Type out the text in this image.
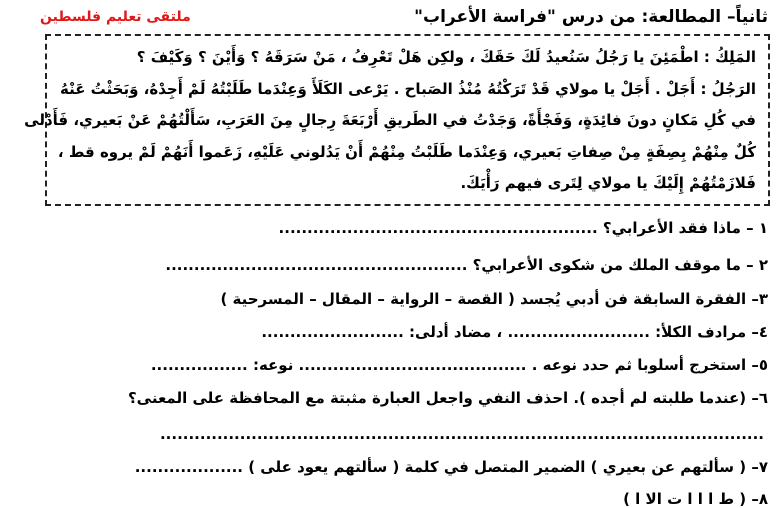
ثانياً– المطالعة: من درس "فراسة الأعراب"
ملتقى تعليم فلسطين
المَلِكُ : اطْمَئِنَ يا رَجُلُ سَنُعيدُ لَكَ حَقَكَ ، ولكِن هَلْ تَعْرِفُ ، مَنْ سَرَقَهُ ؟ وَأَيْنَ ؟ وَكَيْفَ ؟
الرَجُلُ : أَجَلْ . أَجَلْ يا مولاي قَدْ تَرَكْتُهُ مُنْذُ الصَباح . يَرْعى الكَلَأَ وَعِنْدَما طَلَبْتُهُ لَمْ أَجِدْهُ، وَبَحَثْتُ عَنْهُ
في كُلِ مَكانٍ دونَ فائِدَةٍ، وَفَجْأَةً، وَجَدْتُ في الطَريقِ أَرْبَعَةَ رِجالٍ مِنَ العَرَبِ، سَأَلْتُهُمْ عَنْ بَعيري، فَأَدْلى
كُلٌ مِنْهُمْ بِصِفَةٍ مِنْ صِفاتِ بَعيري، وَعِنْدَما طَلَبْتُ مِنْهُمْ أَنْ يَدُلوني عَلَيْهِ، زَعَموا أَنَهُمْ لَمْ يروه قط ،
فَلازَمْتُهُمْ إِلَيْكَ يا مولاي لِتَرى فيهم رَأْيَكَ.
١ – ماذا فقد الأعرابي؟ ........................................................
٢ – ما موقف الملك من شكوى الأعرابي؟ .....................................................
٣– الفقرة السابقة فن أدبي يُجسد ( القصة – الرواية – المقال – المسرحية )
٤– مرادف الكلأ: ......................... ، مضاد أدلى: .........................
٥– استخرج أسلوبا ثم حدد نوعه . ........................................ نوعه: .................
٦– (عندما طلبته لم أجده ). احذف النفي واجعل العبارة مثبتة مع المحافظة على المعنى؟
..........................................................................................................
٧– ( سألتهم عن بعيري ) الضمير المتصل في كلمة ( سألتهم يعود على ) ...................
٨– ( ط ا ا ا ت الا ا )
